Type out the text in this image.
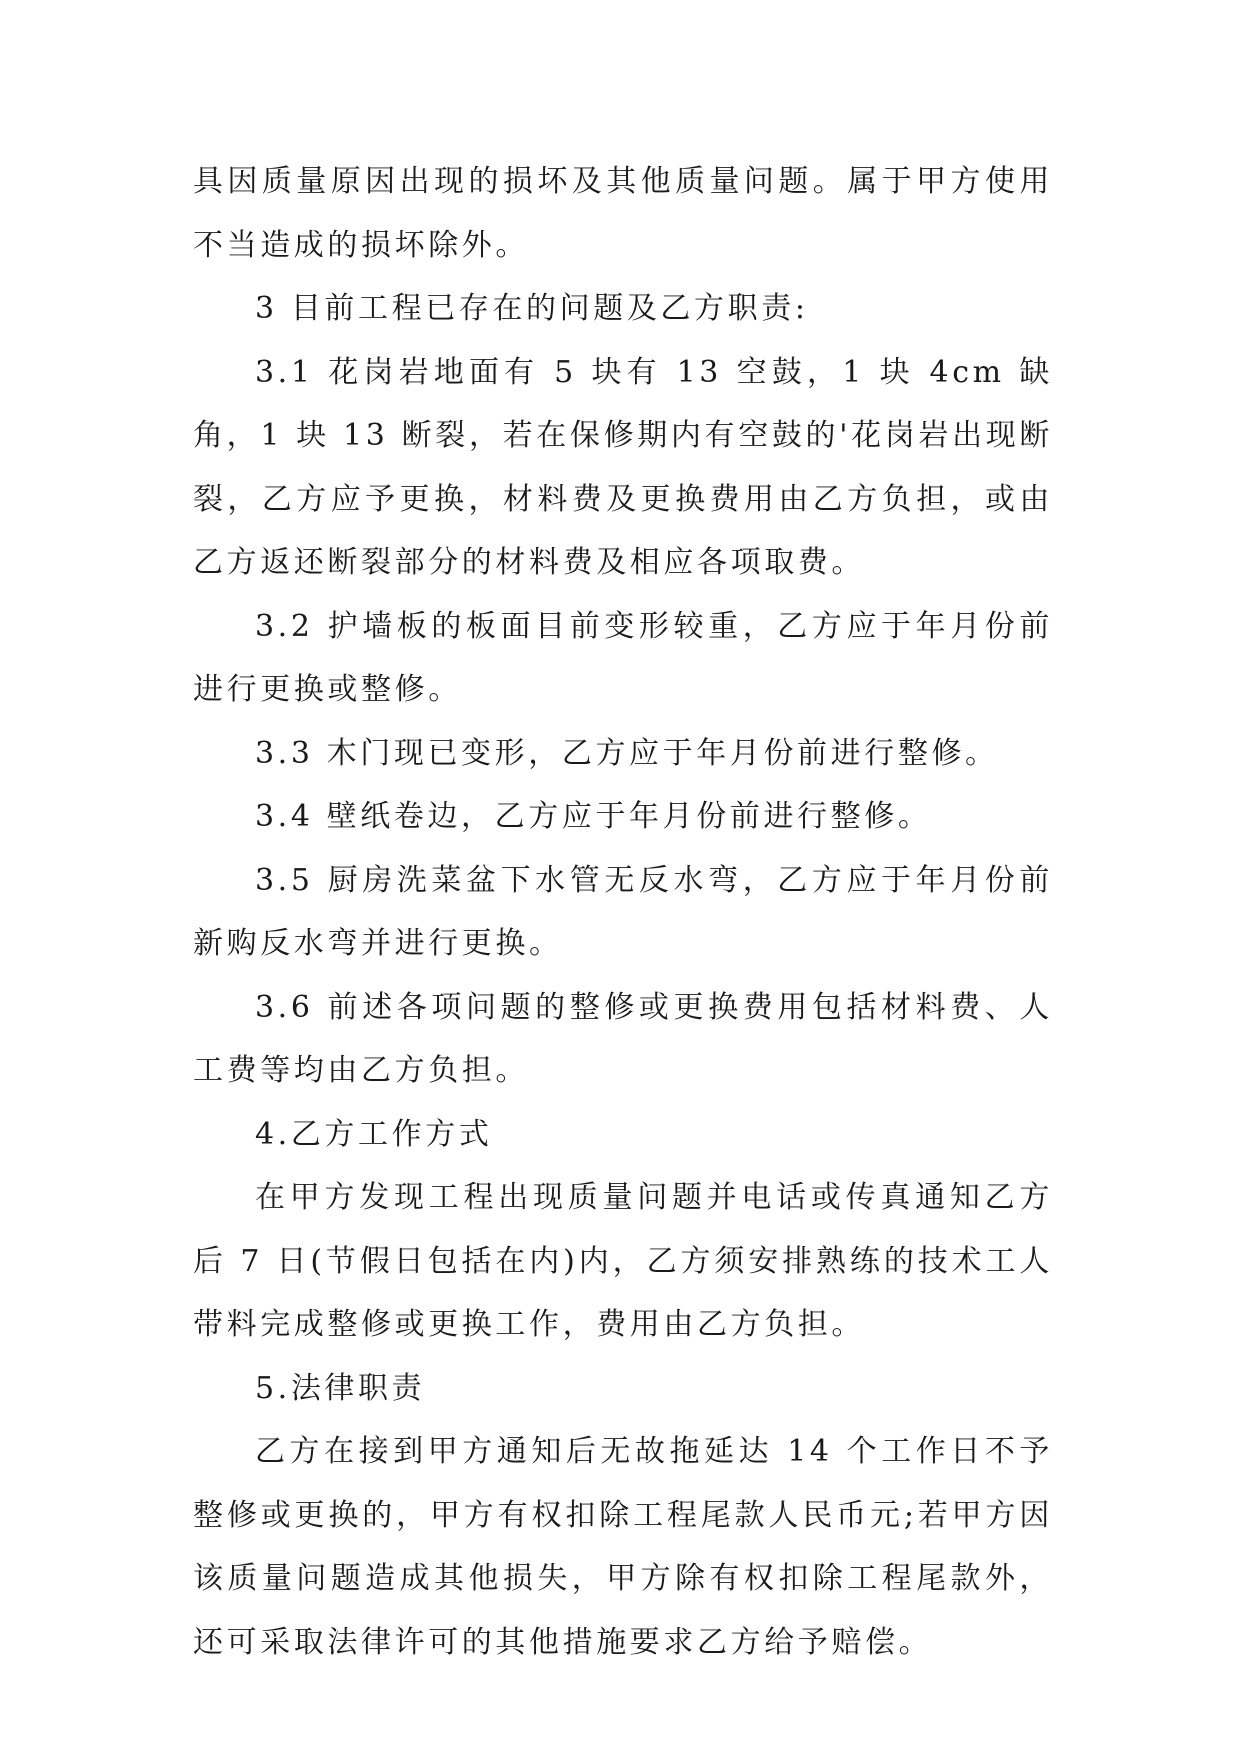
具因质量原因出现的损坏及其他质量问题。属于甲方使用不当造成的损坏除外。

3 目前工程已存在的问题及乙方职责:

3.1 花岗岩地面有 5 块有 13 空鼓，1 块 4cm 缺角，1 块 13 断裂，若在保修期内有空鼓的'花岗岩出现断裂，乙方应予更换，材料费及更换费用由乙方负担，或由乙方返还断裂部分的材料费及相应各项取费。

3.2 护墙板的板面目前变形较重，乙方应于年月份前进行更换或整修。

3.3 木门现已变形，乙方应于年月份前进行整修。

3.4 壁纸卷边，乙方应于年月份前进行整修。

3.5 厨房洗菜盆下水管无反水弯，乙方应于年月份前新购反水弯并进行更换。

3.6 前述各项问题的整修或更换费用包括材料费、人工费等均由乙方负担。

4.乙方工作方式

在甲方发现工程出现质量问题并电话或传真通知乙方后 7 日(节假日包括在内)内，乙方须安排熟练的技术工人带料完成整修或更换工作，费用由乙方负担。

5.法律职责

乙方在接到甲方通知后无故拖延达 14 个工作日不予整修或更换的，甲方有权扣除工程尾款人民币元;若甲方因该质量问题造成其他损失，甲方除有权扣除工程尾款外，还可采取法律许可的其他措施要求乙方给予赔偿。
